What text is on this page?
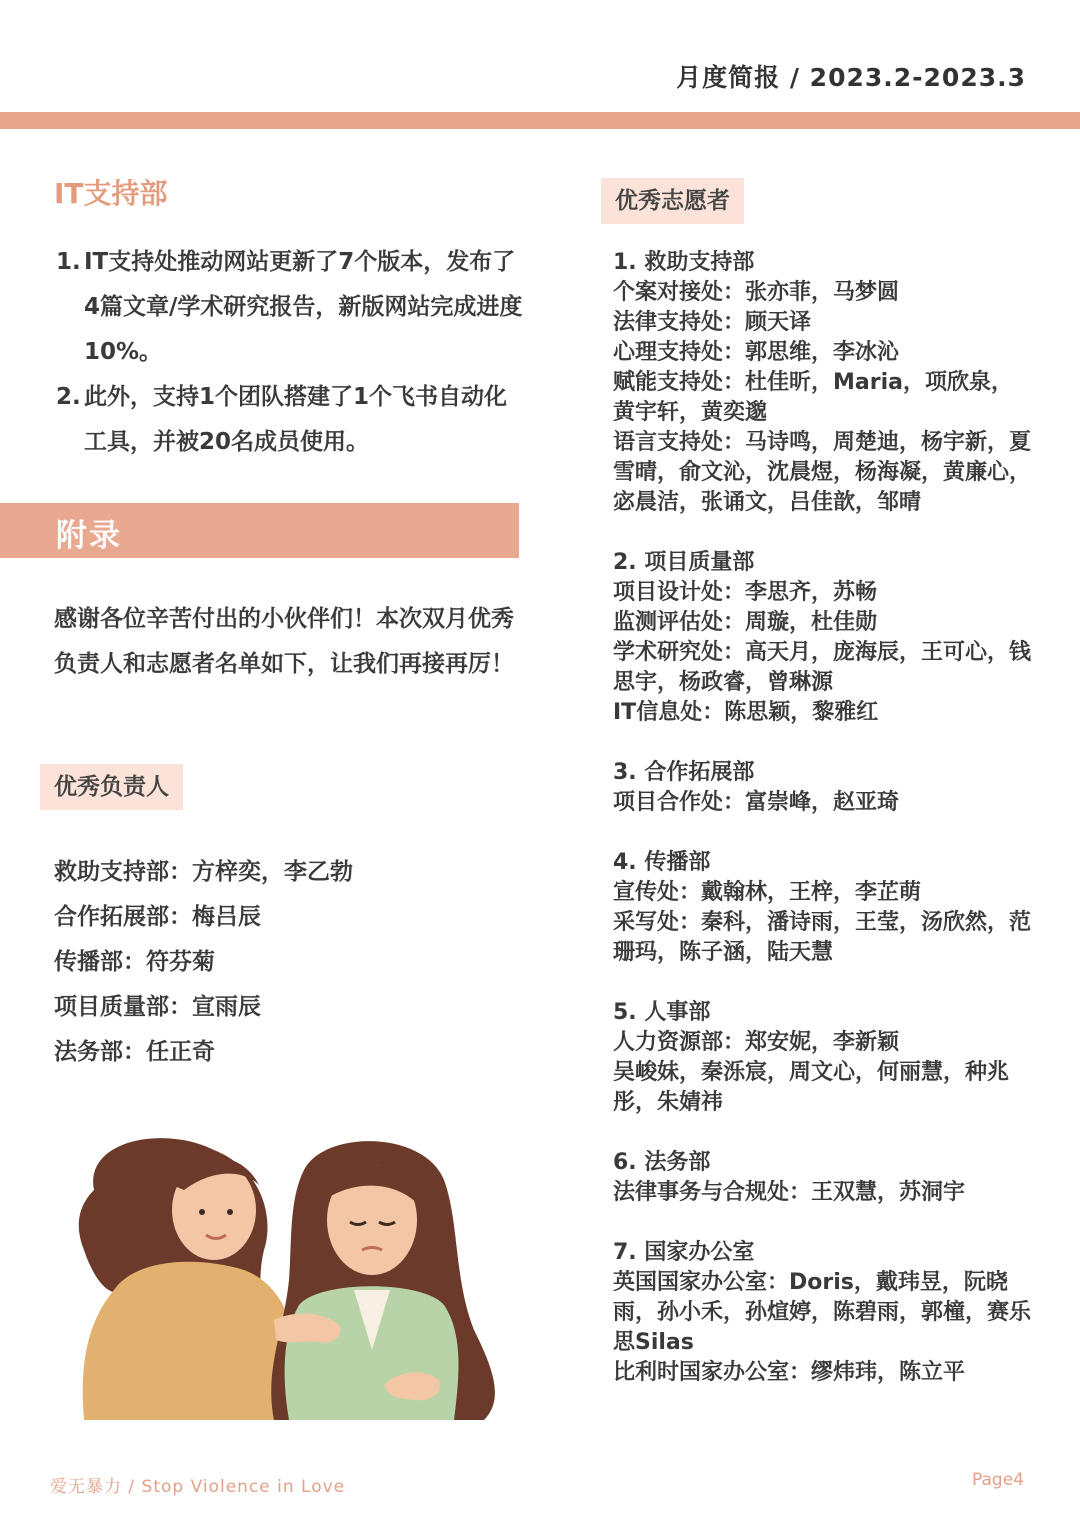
月度简报 / 2023.2-2023.3
IT支持部
1. IT支持处推动网站更新了7个版本，发布了4篇文章/学术研究报告，新版网站完成进度10%。
2. 此外，支持1个团队搭建了1个飞书自动化工具，并被20名成员使用。
附录
感谢各位辛苦付出的小伙伴们！本次双月优秀负责人和志愿者名单如下，让我们再接再厉！
优秀负责人
救助支持部：方梓奕，李乙勃
合作拓展部：梅吕辰
传播部：符芬菊
项目质量部：宣雨辰
法务部：任正奇
优秀志愿者
1. 救助支持部
个案对接处：张亦菲，马梦圆
法律支持处：顾天译
心理支持处：郭思维，李冰沁
赋能支持处：杜佳昕，Maria，项欣泉，黄宇轩，黄奕邈
语言支持处：马诗鸣，周楚迪，杨宇新，夏雪晴，俞文沁，沈晨煜，杨海凝，黄廉心，宓晨洁，张诵文，吕佳歆，邹晴
2. 项目质量部
项目设计处：李思齐，苏畅
监测评估处：周璇，杜佳勋
学术研究处：高天月，庞海辰，王可心，钱思宇，杨政睿，曾琳源
IT信息处：陈思颖，黎雅红
3. 合作拓展部
项目合作处：富崇峰，赵亚琦
4. 传播部
宣传处：戴翰林，王梓，李芷萌
采写处：秦科，潘诗雨，王莹，汤欣然，范珊玛，陈子涵，陆天慧
5. 人事部
人力资源部：郑安妮，李新颖
吴峻妹，秦泺宸，周文心，何丽慧，种兆彤，朱婧祎
6. 法务部
法律事务与合规处：王双慧，苏洞宇
7. 国家办公室
英国国家办公室：Doris，戴玮昱，阮晓雨，孙小禾，孙煊婷，陈碧雨，郭橦，赛乐思Silas
比利时国家办公室：缪炜玮，陈立平
爱无暴力 / Stop Violence in Love	Page4
